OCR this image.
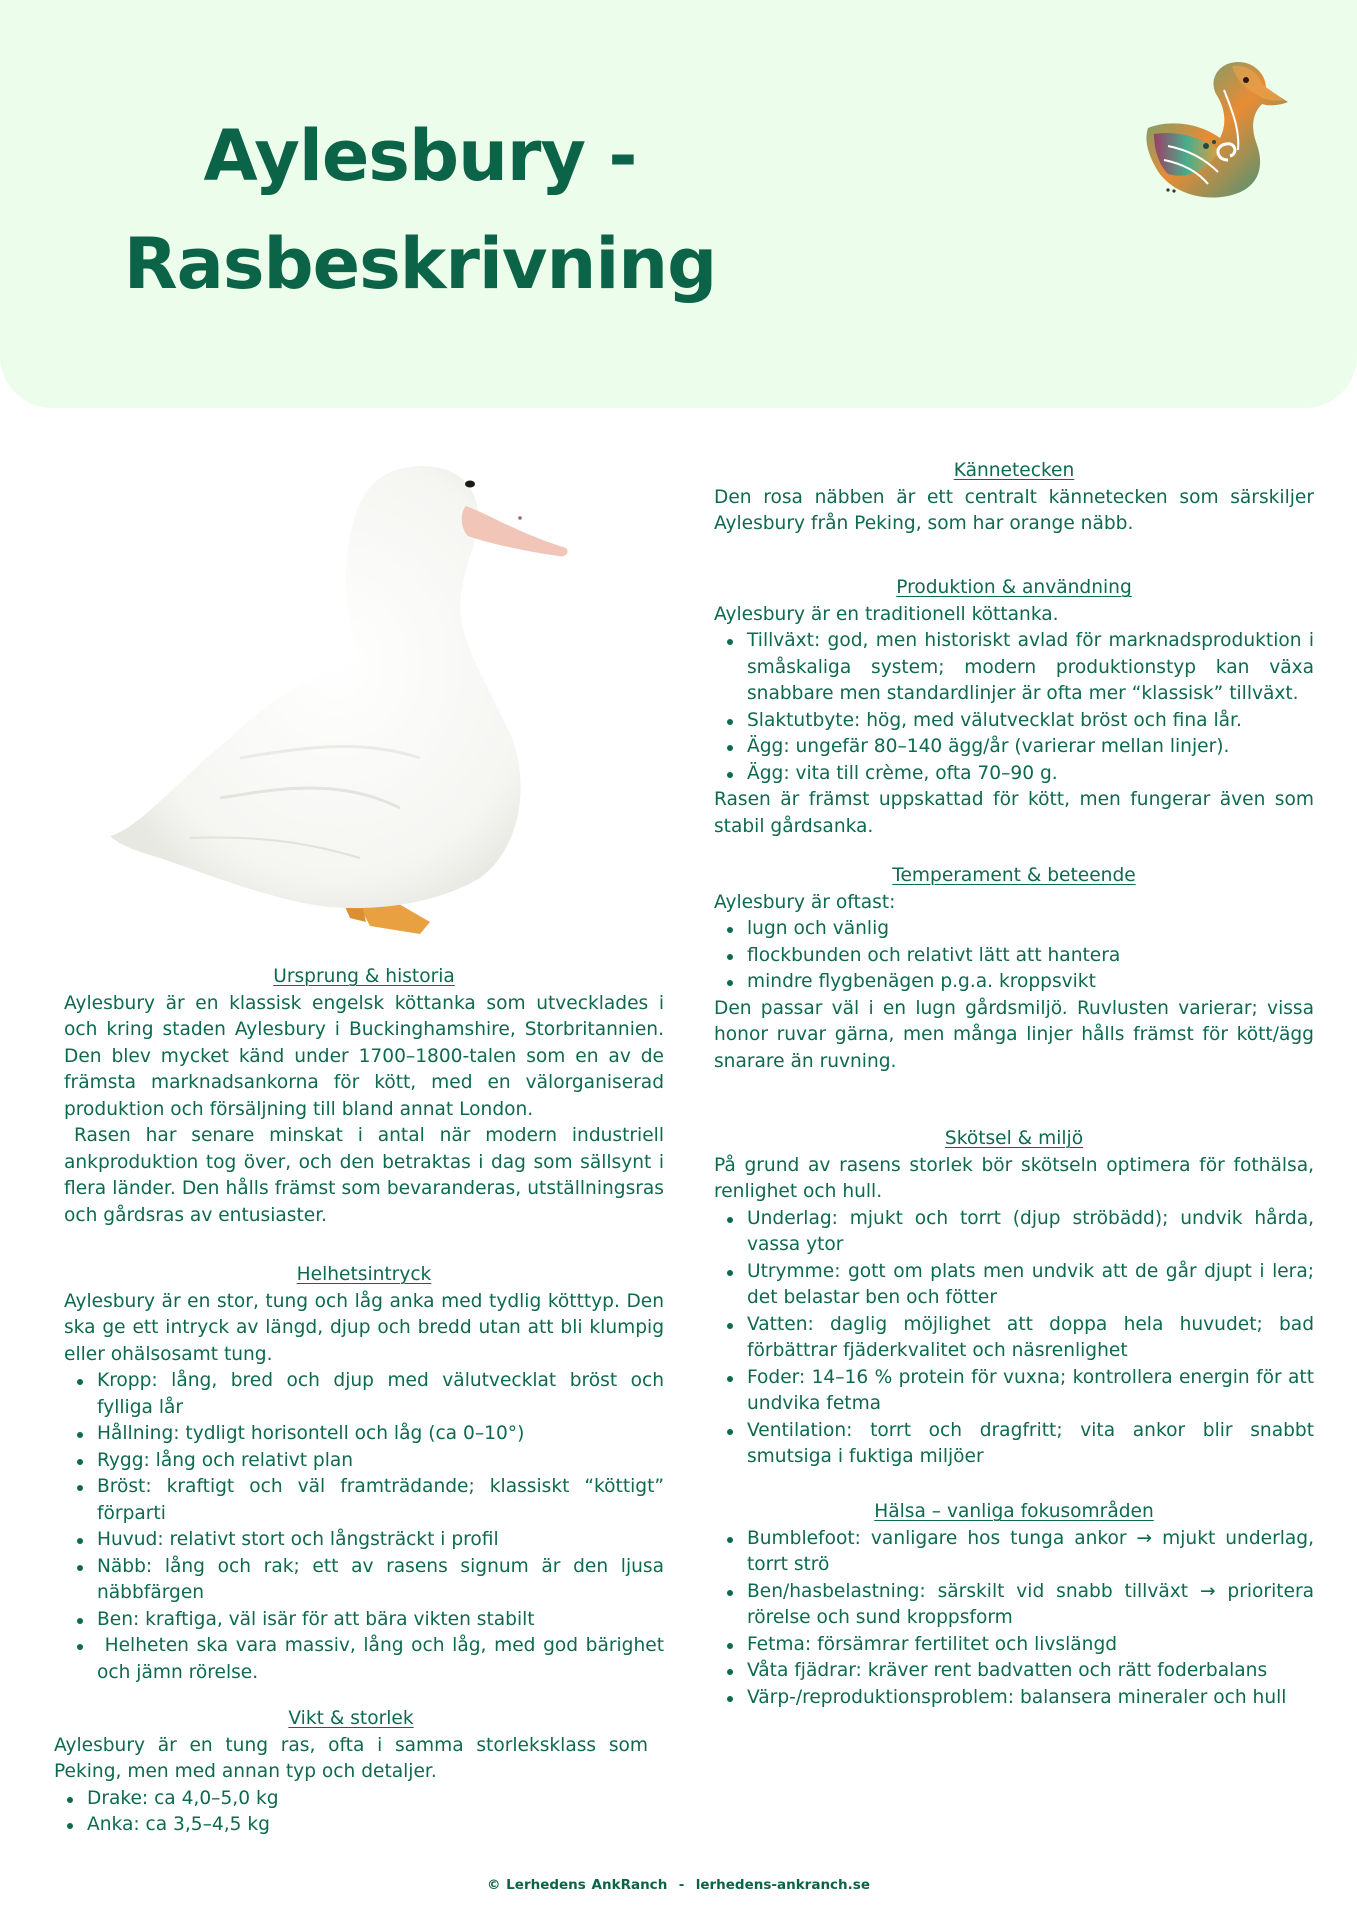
Aylesbury -
Rasbeskrivning
Ursprung & historia

Aylesbury är en klassisk engelsk köttanka som utvecklades i och kring staden Aylesbury i Buckinghamshire, Storbritannien. Den blev mycket känd under 1700–1800-talen som en av de främsta marknadsankorna för kött, med en välorganiserad produktion och försäljning till bland annat London.

Rasen har senare minskat i antal när modern industriell ankproduktion tog över, och den betraktas i dag som sällsynt i flera länder. Den hålls främst som bevaranderas, utställningsras och gårdsras av entusiaster.

Helhetsintryck

Aylesbury är en stor, tung och låg anka med tydlig kötttyp. Den ska ge ett intryck av längd, djup och bredd utan att bli klumpig eller ohälsosamt tung.

Kropp: lång, bred och djup med välutvecklat bröst och fylliga lår
Hållning: tydligt horisontell och låg (ca 0–10°)
Rygg: lång och relativt plan
Bröst: kraftigt och väl framträdande; klassiskt “köttigt” förparti
Huvud: relativt stort och långsträckt i profil
Näbb: lång och rak; ett av rasens signum är den ljusa näbbfärgen
Ben: kraftiga, väl isär för att bära vikten stabilt
Helheten ska vara massiv, lång och låg, med god bärighet och jämn rörelse.
Vikt & storlek

Aylesbury är en tung ras, ofta i samma storleksklass som Peking, men med annan typ och detaljer.

Drake: ca 4,0–5,0 kg
Anka: ca 3,5–4,5 kg
Kännetecken

Den rosa näbben är ett centralt kännetecken som särskiljer Aylesbury från Peking, som har orange näbb.

Produktion & användning

Aylesbury är en traditionell köttanka.

Tillväxt: god, men historiskt avlad för marknadsproduktion i småskaliga system; modern produktionstyp kan växa snabbare men standardlinjer är ofta mer “klassisk” tillväxt.
Slaktutbyte: hög, med välutvecklat bröst och fina lår.
Ägg: ungefär 80–140 ägg/år (varierar mellan linjer).
Ägg: vita till crème, ofta 70–90 g.

Rasen är främst uppskattad för kött, men fungerar även som stabil gårdsanka.

Temperament & beteende

Aylesbury är oftast:

lugn och vänlig
flockbunden och relativt lätt att hantera
mindre flygbenägen p.g.a. kroppsvikt

Den passar väl i en lugn gårdsmiljö. Ruvlusten varierar; vissa honor ruvar gärna, men många linjer hålls främst för kött/ägg snarare än ruvning.

Skötsel & miljö

På grund av rasens storlek bör skötseln optimera för fothälsa, renlighet och hull.

Underlag: mjukt och torrt (djup ströbädd); undvik hårda, vassa ytor
Utrymme: gott om plats men undvik att de går djupt i lera; det belastar ben och fötter
Vatten: daglig möjlighet att doppa hela huvudet; bad förbättrar fjäderkvalitet och näsrenlighet
Foder: 14–16 % protein för vuxna; kontrollera energin för att undvika fetma
Ventilation: torrt och dragfritt; vita ankor blir snabbt smutsiga i fuktiga miljöer
Hälsa – vanliga fokusområden
Bumblefoot: vanligare hos tunga ankor → mjukt underlag, torrt strö
Ben/hasbelastning: särskilt vid snabb tillväxt → prioritera rörelse och sund kroppsform
Fetma: försämrar fertilitet och livslängd
Våta fjädrar: kräver rent badvatten och rätt foderbalans
Värp-/reproduktionsproblem: balansera mineraler och hull
© Lerhedens AnkRanch  -  lerhedens-ankranch.se
